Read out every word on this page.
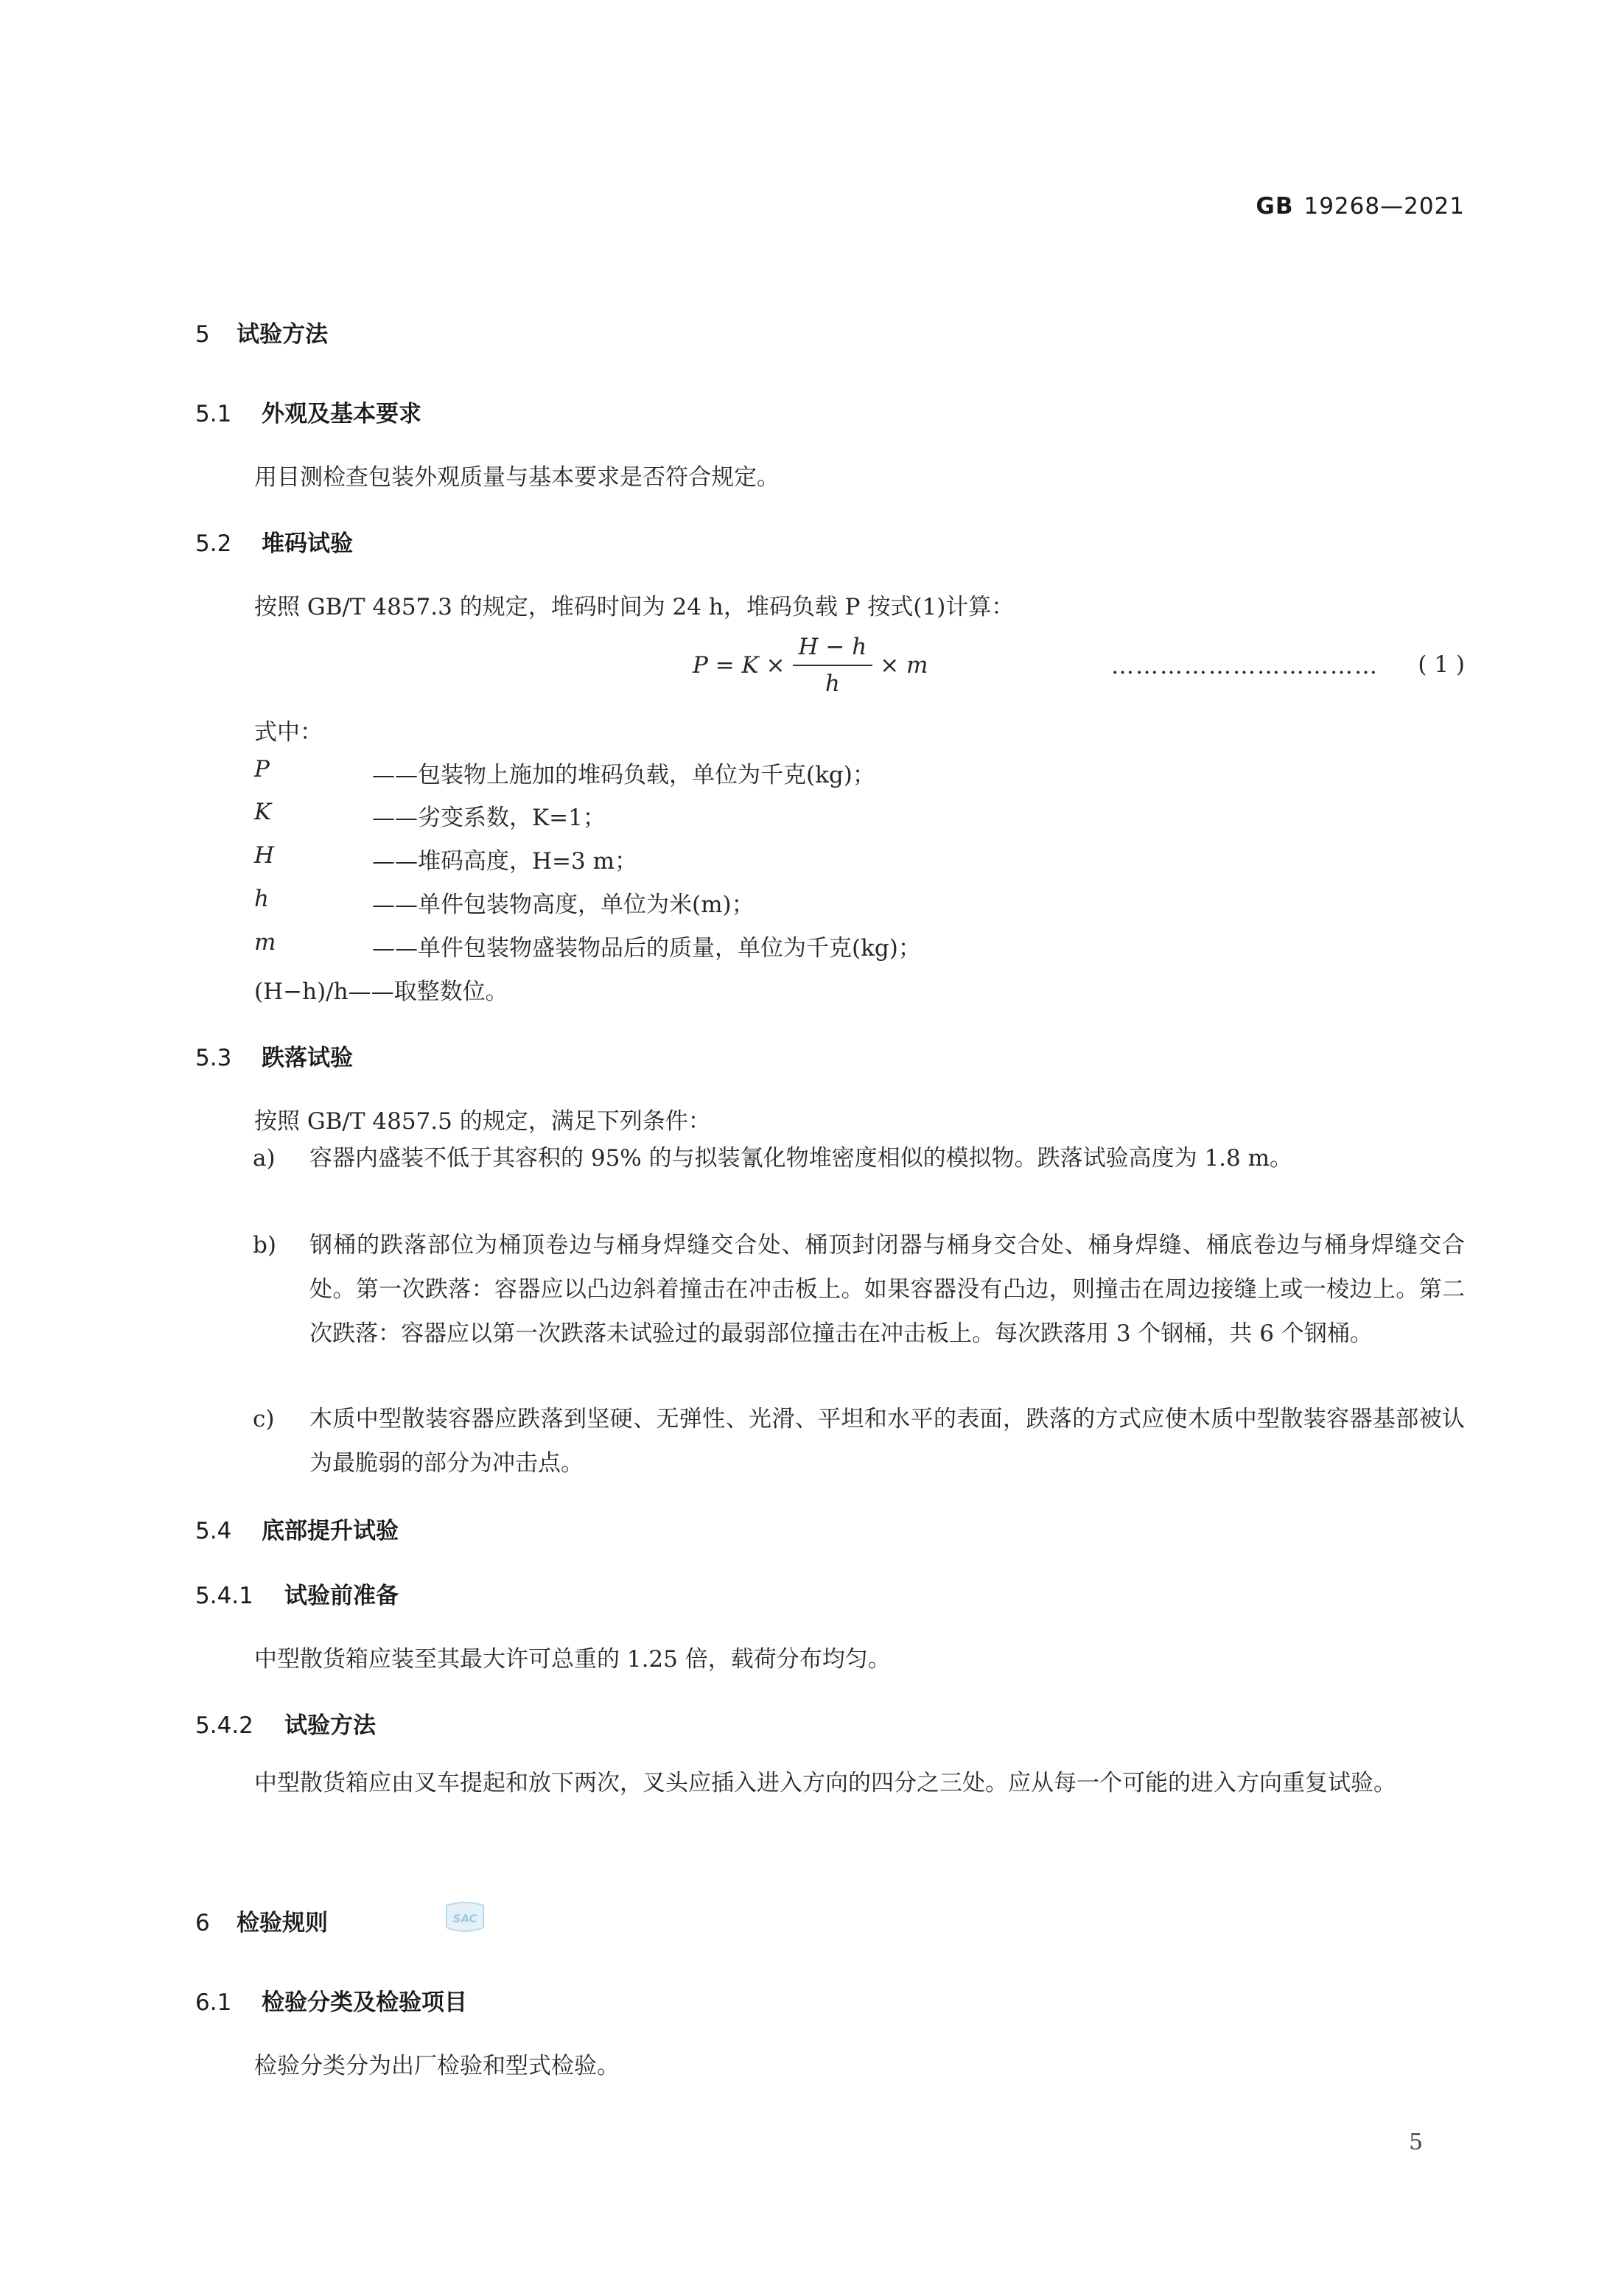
GB 19268—2021
5 试验方法
5.1 外观及基本要求
用目测检查包装外观质量与基本要求是否符合规定。
5.2 堆码试验
按照 GB/T 4857.3 的规定，堆码时间为 24 h，堆码负载 P 按式(1)计算：
$P = K \times \frac{H - h}{h} \times m$	…………………………… ( 1 )
式中：
P	——包装物上施加的堆码负载，单位为千克(kg)；
K	——劣变系数，K=1；
H	——堆码高度，H=3 m；
h	——单件包装物高度，单位为米(m)；
m	——单件包装物盛装物品后的质量，单位为千克(kg)；
(H−h)/h——取整数位。
5.3 跌落试验
按照 GB/T 4857.5 的规定，满足下列条件：
a) 容器内盛装不低于其容积的 95% 的与拟装氰化物堆密度相似的模拟物。跌落试验高度为 1.8 m。
b) 钢桶的跌落部位为桶顶卷边与桶身焊缝交合处、桶顶封闭器与桶身交合处、桶身焊缝、桶底卷边与桶身焊缝交合处。第一次跌落：容器应以凸边斜着撞击在冲击板上。如果容器没有凸边，则撞击在周边接缝上或一棱边上。第二次跌落：容器应以第一次跌落未试验过的最弱部位撞击在冲击板上。每次跌落用 3 个钢桶，共 6 个钢桶。
c) 木质中型散装容器应跌落到坚硬、无弹性、光滑、平坦和水平的表面，跌落的方式应使木质中型散装容器基部被认为最脆弱的部分为冲击点。
5.4 底部提升试验
5.4.1 试验前准备
中型散货箱应装至其最大许可总重的 1.25 倍，载荷分布均匀。
5.4.2 试验方法
中型散货箱应由叉车提起和放下两次，叉头应插入进入方向的四分之三处。应从每一个可能的进入方向重复试验。
6 检验规则	SAC
6.1 检验分类及检验项目
检验分类分为出厂检验和型式检验。
5
